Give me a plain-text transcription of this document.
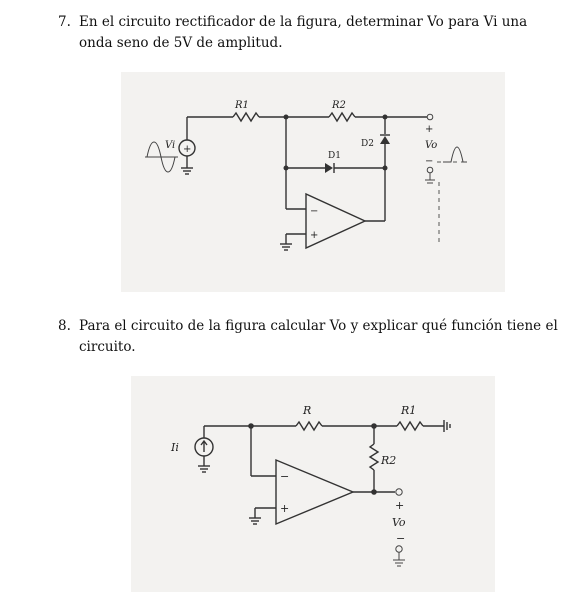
7. En el circuito rectificador de la figura, determinar Vo para Vi una onda seno de 5V de amplitud.
+
Vi
R1	R2
D2
D1
−
+
+
Vo
−
8. Para el circuito de la figura calcular Vo y explicar qué función tiene el circuito.
Ii
R	R1
R2
−
+	+
Vo
−
